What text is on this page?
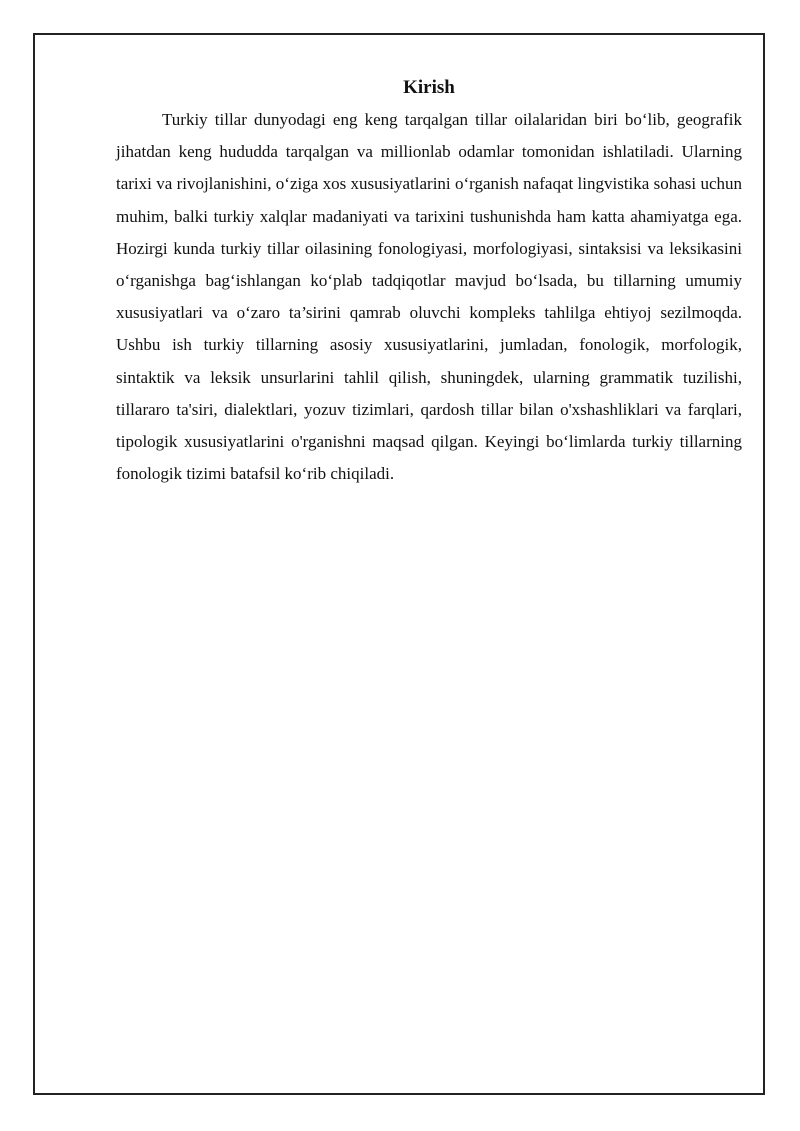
Kirish

Turkiy tillar dunyodagi eng keng tarqalgan tillar oilalaridan biri bo‘lib, geografik jihatdan keng hududda tarqalgan va millionlab odamlar tomonidan ishlatiladi. Ularning tarixi va rivojlanishini, o‘ziga xos xususiyatlarini o‘rganish nafaqat lingvistika sohasi uchun muhim, balki turkiy xalqlar madaniyati va tarixini tushunishda ham katta ahamiyatga ega. Hozirgi kunda turkiy tillar oilasining fonologiyasi, morfologiyasi, sintaksisi va leksikasini o‘rganishga bag‘ishlangan ko‘plab tadqiqotlar mavjud bo‘lsada, bu tillarning umumiy xususiyatlari va o‘zaro ta’sirini qamrab oluvchi kompleks tahlilga ehtiyoj sezilmoqda. Ushbu ish turkiy tillarning asosiy xususiyatlarini, jumladan, fonologik, morfologik, sintaktik va leksik unsurlarini tahlil qilish, shuningdek, ularning grammatik tuzilishi, tillararo ta'siri, dialektlari, yozuv tizimlari, qardosh tillar bilan o'xshashliklari va farqlari, tipologik xususiyatlarini o'rganishni maqsad qilgan. Keyingi bo‘limlarda turkiy tillarning fonologik tizimi batafsil ko‘rib chiqiladi.
